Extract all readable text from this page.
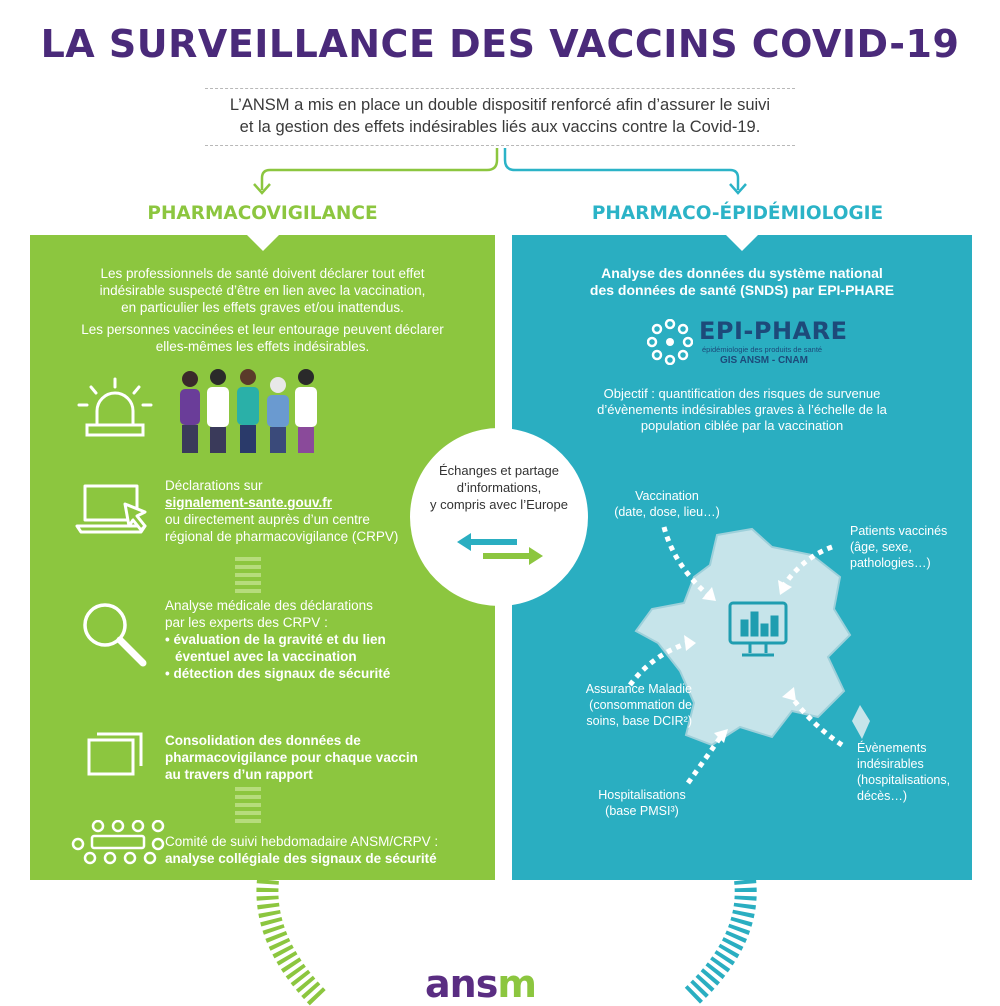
LA SURVEILLANCE DES VACCINS COVID-19
L’ANSM a mis en place un double dispositif renforcé afin d’assurer le suivi
et la gestion des effets indésirables liés aux vaccins contre la Covid-19.
PHARMACOVIGILANCE	PHARMACO-ÉPIDÉMIOLOGIE
Les professionnels de santé doivent déclarer tout effet
indésirable suspecté d’être en lien avec la vaccination,
en particulier les effets graves et/ou inattendus.
Les personnes vaccinées et leur entourage peuvent déclarer
elles-mêmes les effets indésirables.
Déclarations sur
signalement-sante.gouv.fr
ou directement auprès d’un centre
régional de pharmacovigilance (CRPV)
Analyse médicale des déclarations
par les experts des CRPV :
• évaluation de la gravité et du lien
éventuel avec la vaccination
• détection des signaux de sécurité
Consolidation des données de
pharmacovigilance pour chaque vaccin
au travers d’un rapport
Comité de suivi hebdomadaire ANSM/CRPV :
analyse collégiale des signaux de sécurité
Analyse des données du système national
des données de santé (SNDS) par EPI-PHARE
EPI-PHARE
épidémiologie des produits de santé
GIS ANSM - CNAM
Objectif : quantification des risques de survenue
d’évènements indésirables graves à l’échelle de la
population ciblée par la vaccination
Vaccination
(date, dose, lieu…)
Patients vaccinés
(âge, sexe,
pathologies…)
Assurance Maladie
(consommation de
soins, base DCIR²)
Évènements
indésirables
(hospitalisations,
décès…)
Hospitalisations
(base PMSI³)
Échanges et partage
d’informations,
y compris avec l’Europe
ansm
